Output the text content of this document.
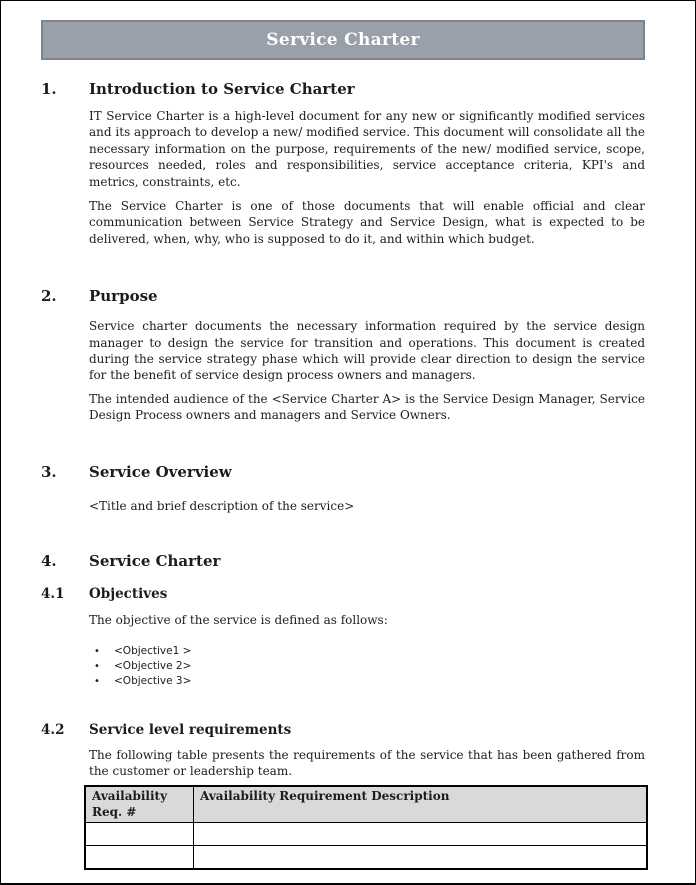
Service Charter
1.	Introduction to Service Charter

IT Service Charter is a high-level document for any new or significantly modified services and its approach to develop a new/ modified service. This document will consolidate all the necessary information on the purpose, requirements of the new/ modified service, scope, resources needed, roles and responsibilities, service acceptance criteria, KPI's and metrics, constraints, etc.

The Service Charter is one of those documents that will enable official and clear communication between Service Strategy and Service Design, what is expected to be delivered, when, why, who is supposed to do it, and within which budget.

2.	Purpose

Service charter documents the necessary information required by the service design manager to design the service for transition and operations. This document is created during the service strategy phase which will provide clear direction to design the service for the benefit of service design process owners and managers.

The intended audience of the <Service Charter A> is the Service Design Manager, Service Design Process owners and managers and Service Owners.

3.	Service Overview

<Title and brief description of the service>

4.	Service Charter
4.1	Objectives

The objective of the service is defined as follows:

•	<Objective1 >
•	<Objective 2>
•	<Objective 3>
4.2	Service level requirements

The following table presents the requirements of the service that has been gathered from the customer or leadership team.

Availability Req. #	Availability Requirement Description
